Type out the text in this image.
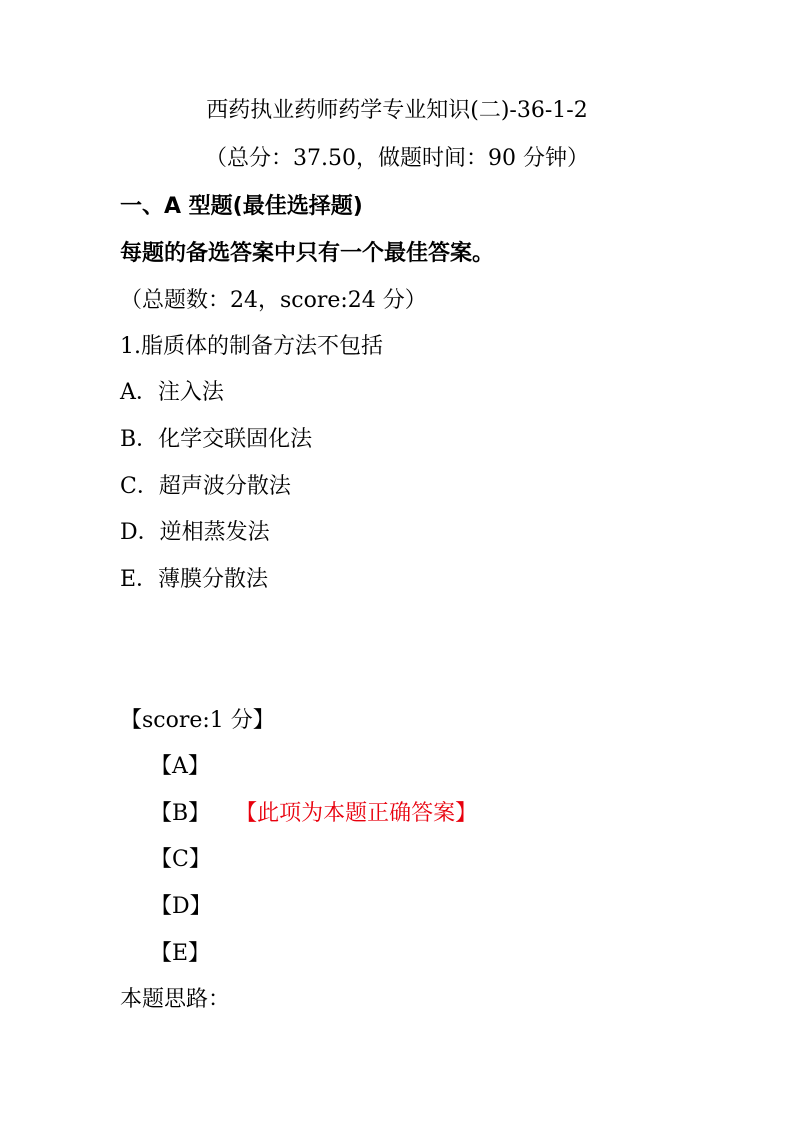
西药执业药师药学专业知识(二)-36-1-2
（总分：37.50，做题时间：90 分钟）
一、A 型题(最佳选择题)
每题的备选答案中只有一个最佳答案。
（总题数：24，score:24 分）
1.脂质体的制备方法不包括
A．注入法
B．化学交联固化法
C．超声波分散法
D．逆相蒸发法
E．薄膜分散法
【score:1 分】
【A】
【B】 【此项为本题正确答案】
【C】
【D】
【E】
本题思路：
